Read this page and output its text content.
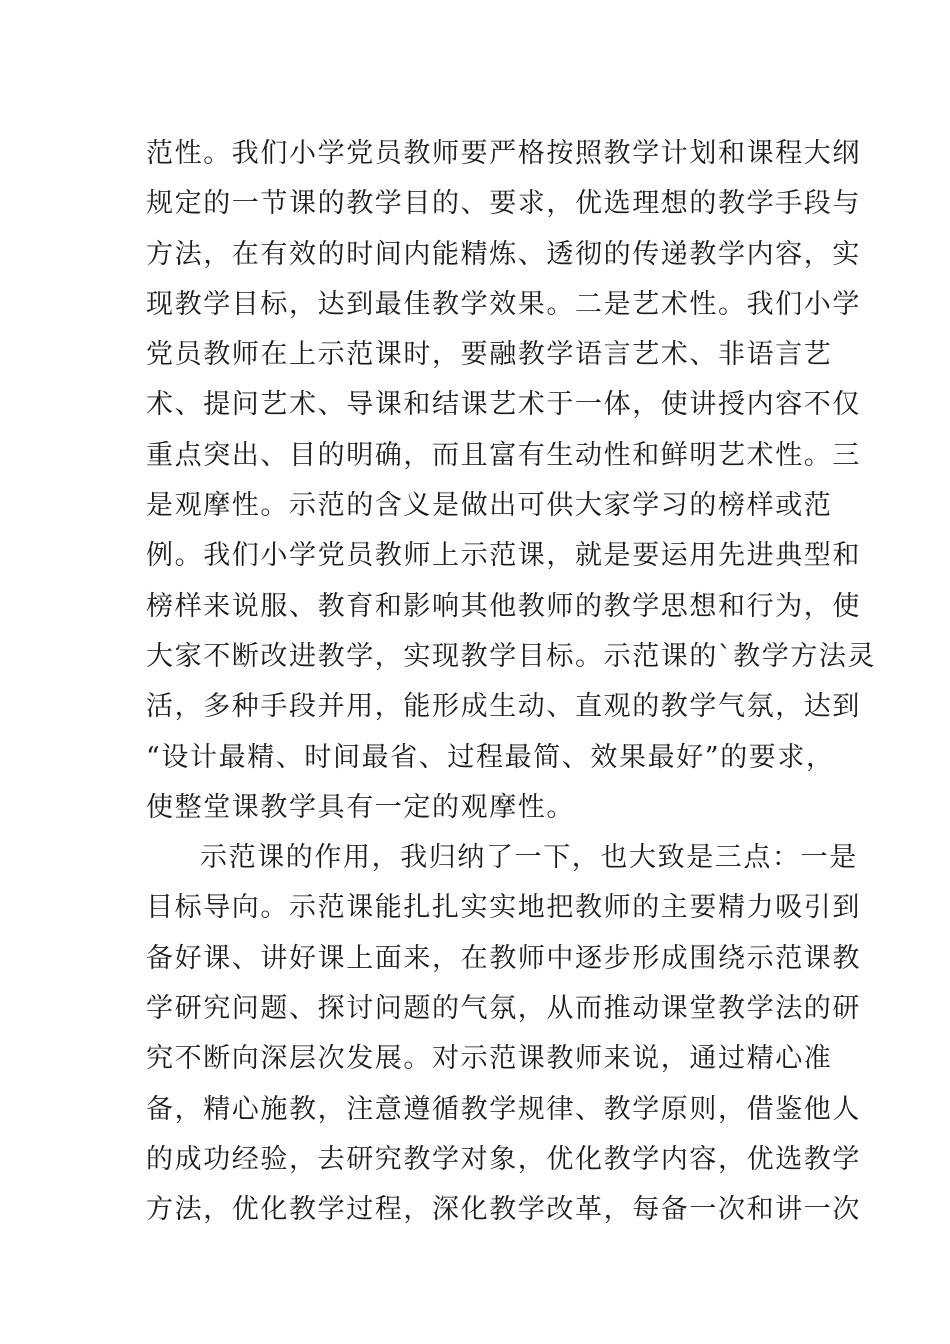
范性。我们小学党员教师要严格按照教学计划和课程大纲
规定的一节课的教学目的、要求，优选理想的教学手段与
方法，在有效的时间内能精炼、透彻的传递教学内容，实
现教学目标，达到最佳教学效果。二是艺术性。我们小学
党员教师在上示范课时，要融教学语言艺术、非语言艺
术、提问艺术、导课和结课艺术于一体，使讲授内容不仅
重点突出、目的明确，而且富有生动性和鲜明艺术性。三
是观摩性。示范的含义是做出可供大家学习的榜样或范
例。我们小学党员教师上示范课，就是要运用先进典型和
榜样来说服、教育和影响其他教师的教学思想和行为，使
大家不断改进教学，实现教学目标。示范课的`教学方法灵
活，多种手段并用，能形成生动、直观的教学气氛，达到
“设计最精、时间最省、过程最简、效果最好”的要求，
使整堂课教学具有一定的观摩性。
示范课的作用，我归纳了一下，也大致是三点：一是
目标导向。示范课能扎扎实实地把教师的主要精力吸引到
备好课、讲好课上面来，在教师中逐步形成围绕示范课教
学研究问题、探讨问题的气氛，从而推动课堂教学法的研
究不断向深层次发展。对示范课教师来说，通过精心准
备，精心施教，注意遵循教学规律、教学原则，借鉴他人
的成功经验，去研究教学对象，优化教学内容，优选教学
方法，优化教学过程，深化教学改革，每备一次和讲一次
